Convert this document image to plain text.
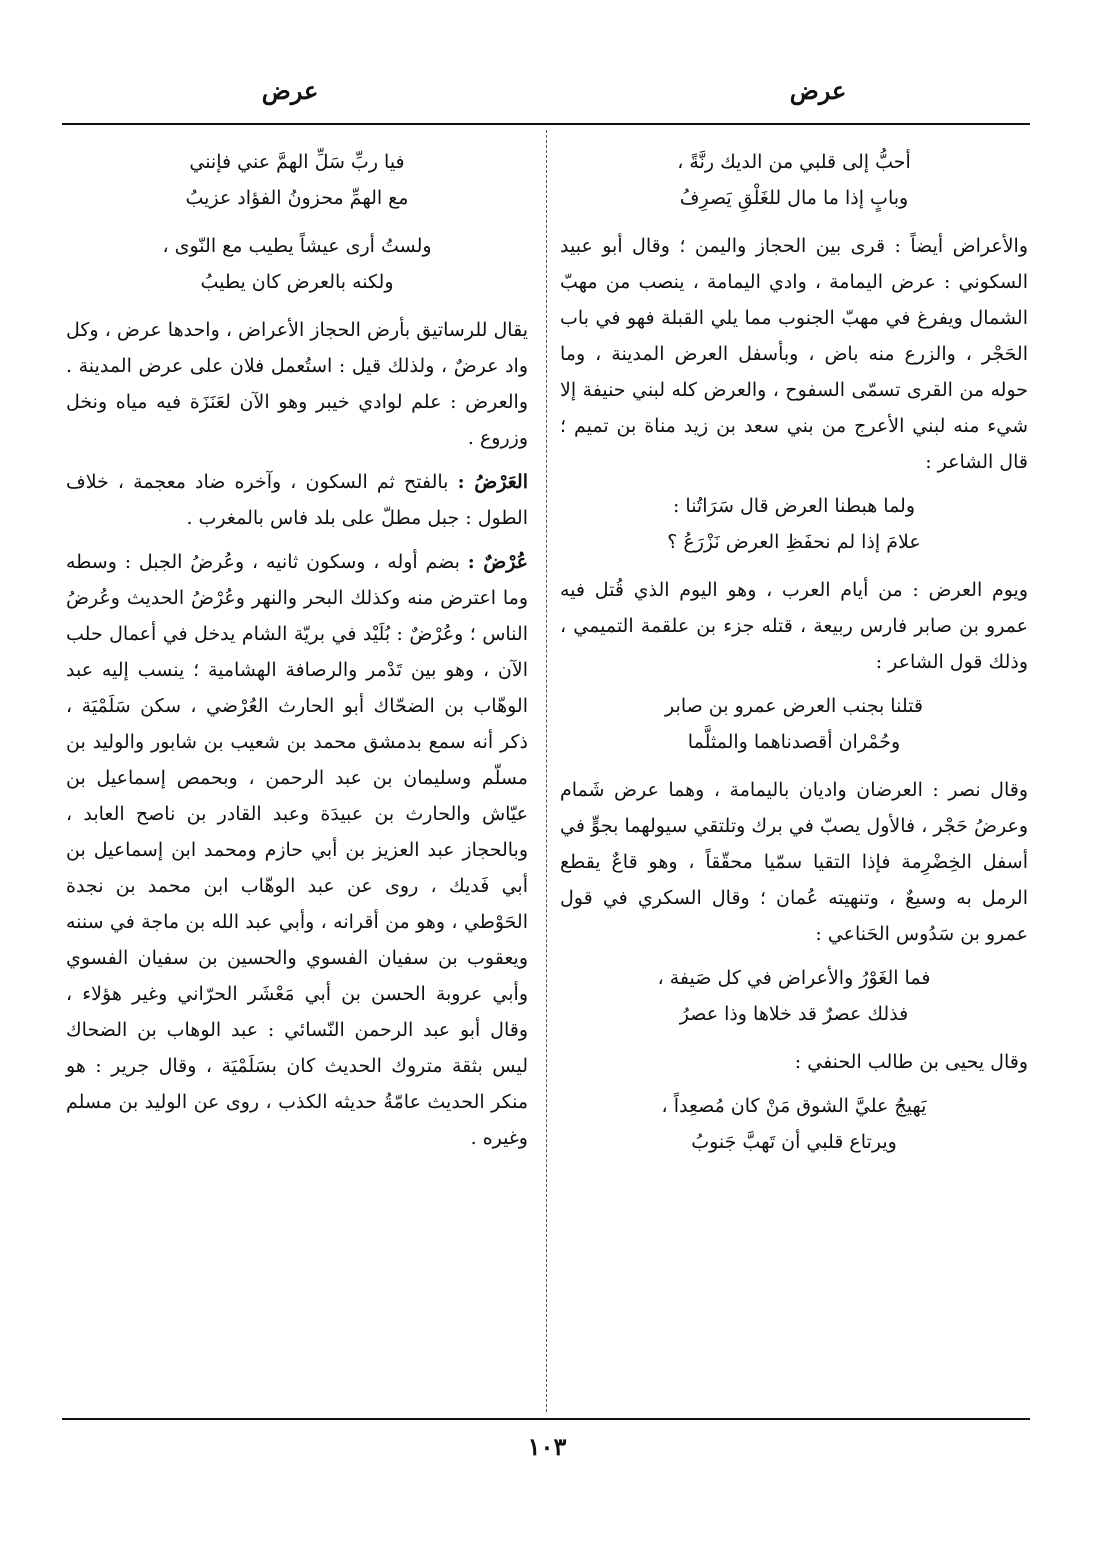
عرض
عرض
أحبُّ إلى قلبي من الديك رنَّةً ،
وبابٍ إذا ما مال للغَلْقِ يَصرِفُ

والأعراض أيضاً : قرى بين الحجاز واليمن ؛ وقال أبو عبيد السكوني : عرض اليمامة ، وادي اليمامة ، ينصب من مهبّ الشمال ويفرغ في مهبّ الجنوب مما يلي القبلة فهو في باب الحَجْر ، والزرع منه باض ، وبأسفل العرض المدينة ، وما حوله من القرى تسمّى السفوح ، والعرض كله لبني حنيفة إلا شيء منه لبني الأعرج من بني سعد بن زيد مناة بن تميم ؛ قال الشاعر :

ولما هبطنا العرض قال سَرَاتُنا :
علامَ إذا لم نحفَظِ العرض نَزْرَعُ ؟

ويوم العرض : من أيام العرب ، وهو اليوم الذي قُتل فيه عمرو بن صابر فارس ربيعة ، قتله جزء بن علقمة التميمي ، وذلك قول الشاعر :

قتلنا بجنب العرض عمرو بن صابر
وحُمْران أقصدناهما والمثلَّما

وقال نصر : العرضان واديان باليمامة ، وهما عرض شَمام وعرضُ حَجْر ، فالأول يصبّ في برك وتلتقي سيولهما بجوٍّ في أسفل الخِضْرِمة فإذا التقيا سمّيا محقّقاً ، وهو قاعٌ يقطع الرمل به وسيعٌ ، وتنهيته عُمان ؛ وقال السكري في قول عمرو بن سَدُوس الحَناعي :

فما الغَوْرُ والأعراض في كل صَيفة ،
فذلك عصرٌ قد خلاها وذا عصرُ

وقال يحيى بن طالب الحنفي :

يَهيجُ عليَّ الشوق مَنْ كان مُصعِداً ،
ويرتاع قلبي أن تَهبَّ جَنوبُ
فيا ربِّ سَلِّ الهمَّ عني فإنني
مع الهمِّ محزونُ الفؤاد عزيبُ
ولستُ أرى عيشاً يطيب مع النّوى ،
ولكنه بالعرض كان يطيبُ

يقال للرساتيق بأرض الحجاز الأعراض ، واحدها عرض ، وكل واد عرضٌ ، ولذلك قيل : استُعمل فلان على عرض المدينة . والعرض : علم لوادي خيبر وهو الآن لعَنَزَة فيه مياه ونخل وزروع .

العَرْضُ : بالفتح ثم السكون ، وآخره ضاد معجمة ، خلاف الطول : جبل مطلّ على بلد فاس بالمغرب .

عُرْضٌ : بضم أوله ، وسكون ثانيه ، وعُرضُ الجبل : وسطه وما اعترض منه وكذلك البحر والنهر وعُرْضُ الحديث وعُرضُ الناس ؛ وعُرْضٌ : بُلَيْد في بريّة الشام يدخل في أعمال حلب الآن ، وهو بين تَدْمر والرصافة الهشامية ؛ ينسب إليه عبد الوهّاب بن الضحّاك أبو الحارث العُرْضي ، سكن سَلَمْيَة ، ذكر أنه سمع بدمشق محمد بن شعيب بن شابور والوليد بن مسلّم وسليمان بن عبد الرحمن ، وبحمص إسماعيل بن عيّاش والحارث بن عبيدَة وعبد القادر بن ناصح العابد ، وبالحجاز عبد العزيز بن أبي حازم ومحمد ابن إسماعيل بن أبي فَديك ، روى عن عبد الوهّاب ابن محمد بن نجدة الحَوْطي ، وهو من أقرانه ، وأبي عبد الله بن ماجة في سننه ويعقوب بن سفيان الفسوي والحسين بن سفيان الفسوي وأبي عروبة الحسن بن أبي مَعْشَر الحرّاني وغير هؤلاء ، وقال أبو عبد الرحمن النّسائي : عبد الوهاب بن الضحاك ليس بثقة متروك الحديث كان بسَلَمْيَة ، وقال جرير : هو منكر الحديث عامّةُ حديثه الكذب ، روى عن الوليد بن مسلم وغيره .

١٠٣
